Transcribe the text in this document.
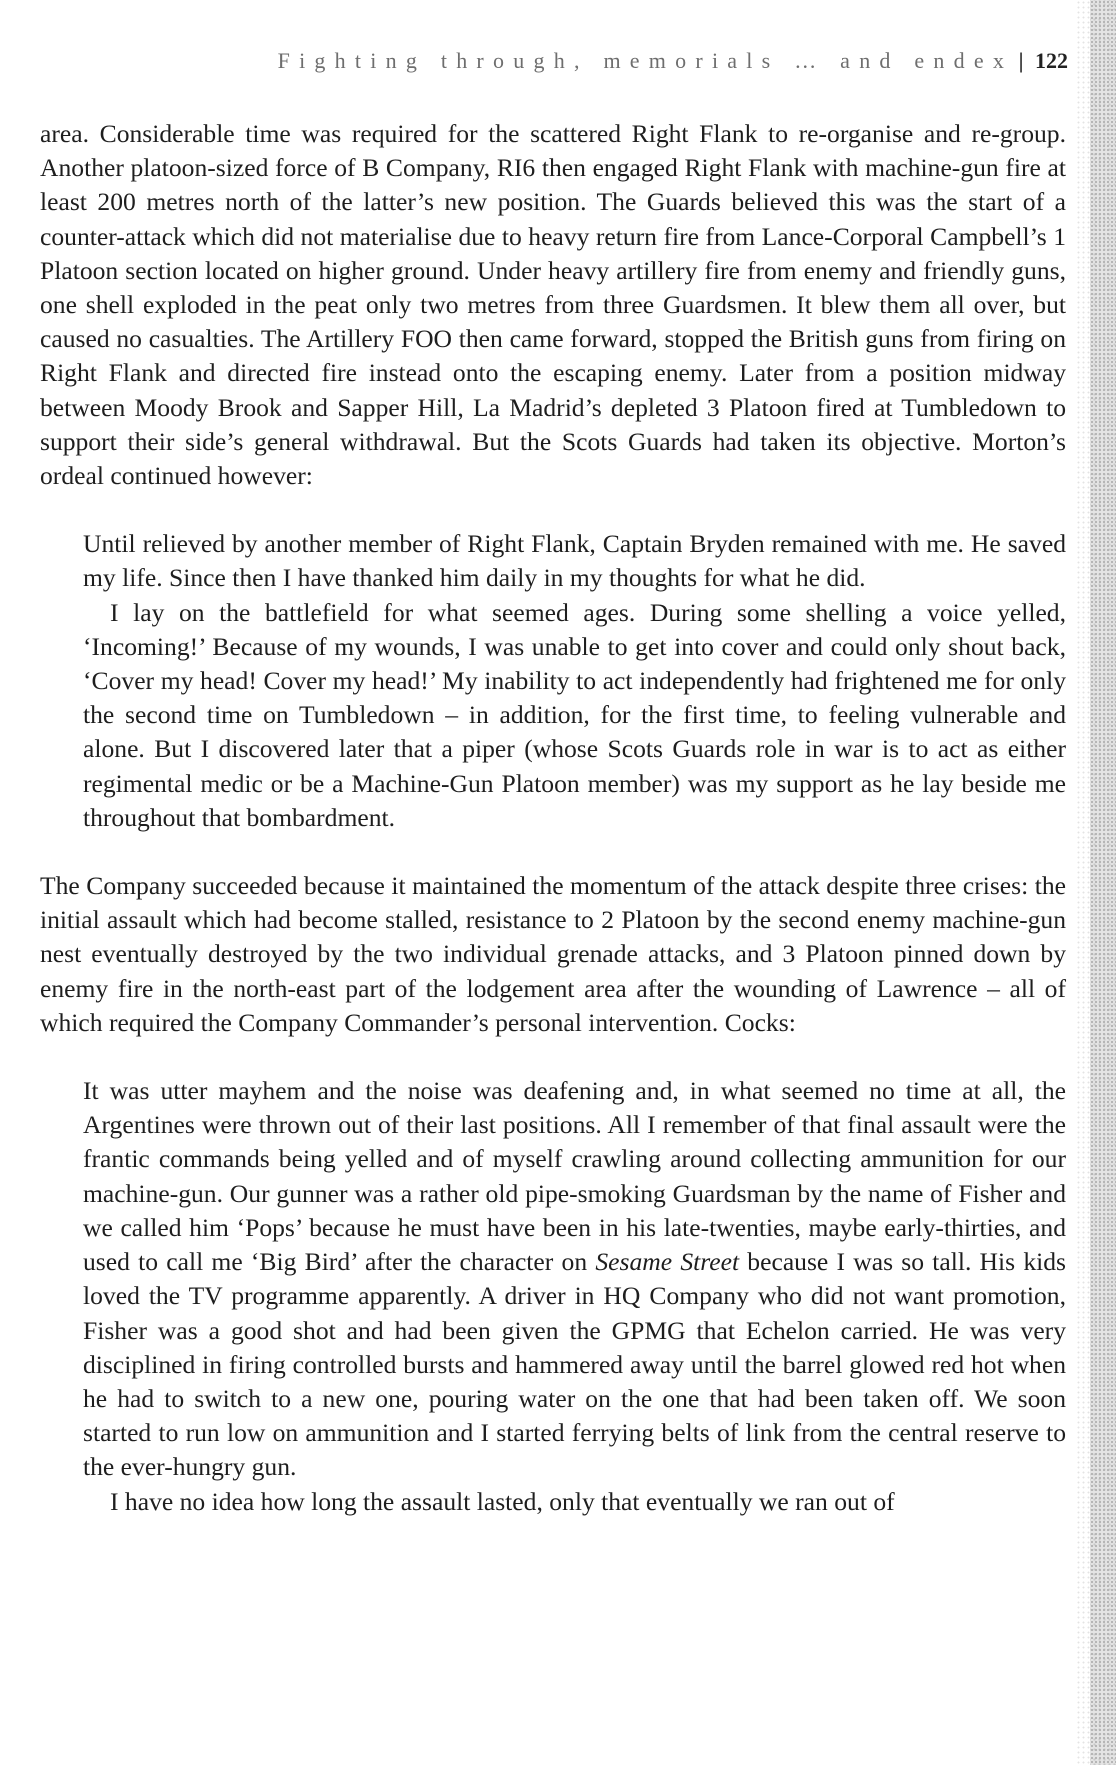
Fighting through, memorials … and endex | 122

area. Considerable time was required for the scattered Right Flank to re-organise and re-group. Another platoon-sized force of B Company, RI6 then engaged Right Flank with machine-gun fire at least 200 metres north of the latter’s new position. The Guards believed this was the start of a counter-attack which did not materialise due to heavy return fire from Lance-Corporal Campbell’s 1 Platoon section located on higher ground. Under heavy artillery fire from enemy and friendly guns, one shell exploded in the peat only two metres from three Guardsmen. It blew them all over, but caused no casualties. The Artillery FOO then came forward, stopped the British guns from firing on Right Flank and directed fire instead onto the escaping enemy. Later from a position midway between Moody Brook and Sapper Hill, La Madrid’s depleted 3 Platoon fired at Tumbledown to support their side’s general withdrawal. But the Scots Guards had taken its objective. Morton’s ordeal continued however:

Until relieved by another member of Right Flank, Captain Bryden remained with me. He saved my life. Since then I have thanked him daily in my thoughts for what he did.

I lay on the battlefield for what seemed ages. During some shelling a voice yelled, ‘Incoming!’ Because of my wounds, I was unable to get into cover and could only shout back, ‘Cover my head! Cover my head!’ My inability to act independently had frightened me for only the second time on Tumbledown – in addition, for the first time, to feeling vulnerable and alone. But I discovered later that a piper (whose Scots Guards role in war is to act as either regimental medic or be a Machine-Gun Platoon member) was my support as he lay beside me throughout that bombardment.

The Company succeeded because it maintained the momentum of the attack despite three crises: the initial assault which had become stalled, resistance to 2 Platoon by the second enemy machine-gun nest eventually destroyed by the two individual grenade attacks, and 3 Platoon pinned down by enemy fire in the north-east part of the lodgement area after the wounding of Lawrence – all of which required the Company Commander’s personal intervention. Cocks:

It was utter mayhem and the noise was deafening and, in what seemed no time at all, the Argentines were thrown out of their last positions. All I remember of that final assault were the frantic commands being yelled and of myself crawling around collecting ammunition for our machine-gun. Our gunner was a rather old pipe-smoking Guardsman by the name of Fisher and we called him ‘Pops’ because he must have been in his late-twenties, maybe early-thirties, and used to call me ‘Big Bird’ after the character on Sesame Street because I was so tall. His kids loved the TV programme apparently. A driver in HQ Company who did not want promotion, Fisher was a good shot and had been given the GPMG that Echelon carried. He was very disciplined in firing controlled bursts and hammered away until the barrel glowed red hot when he had to switch to a new one, pouring water on the one that had been taken off. We soon started to run low on ammunition and I started ferrying belts of link from the central reserve to the ever-hungry gun.

I have no idea how long the assault lasted, only that eventually we ran out of
